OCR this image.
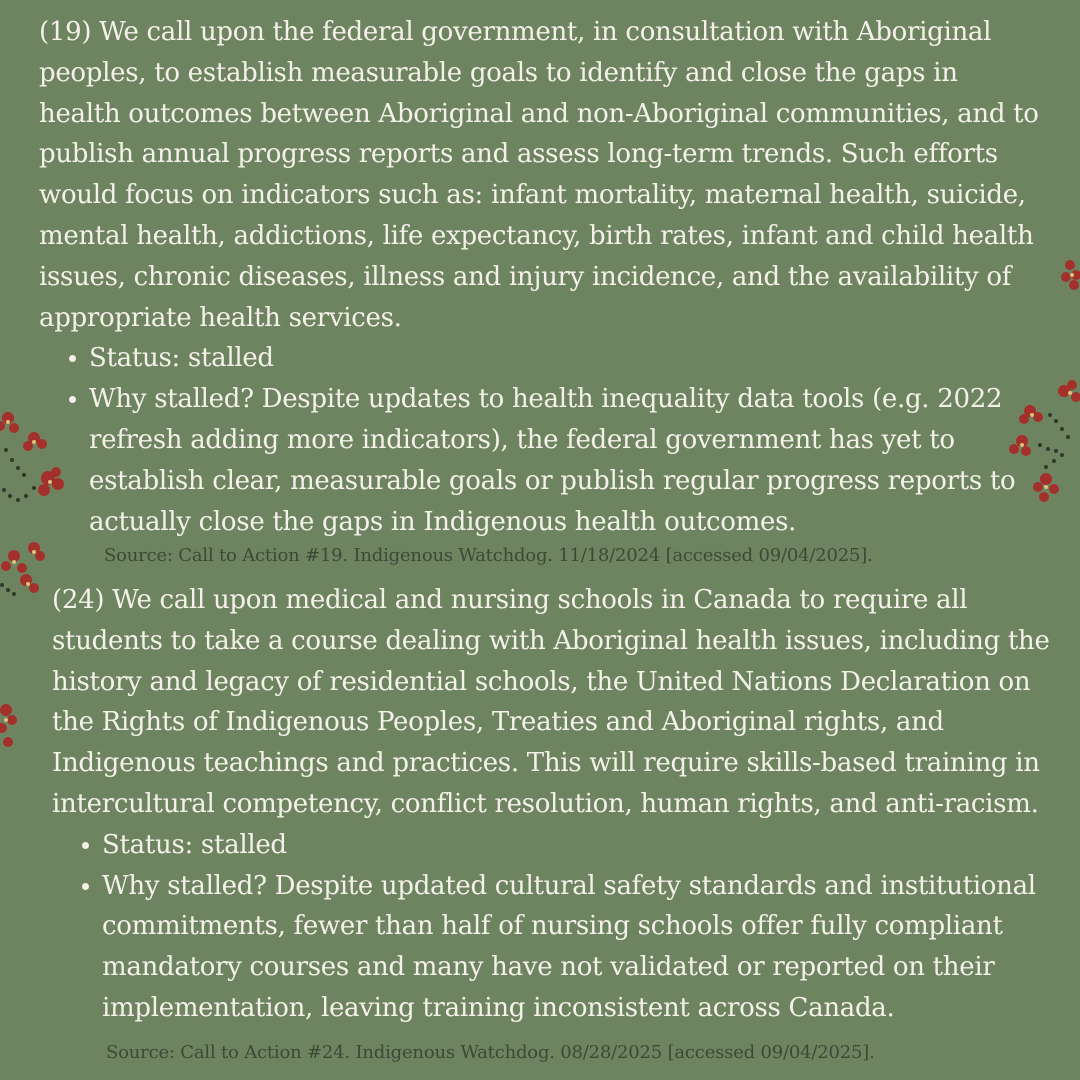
(19) We call upon the federal government, in consultation with Aboriginal peoples, to establish measurable goals to identify and close the gaps in health outcomes between Aboriginal and non-Aboriginal communities, and to publish annual progress reports and assess long-term trends. Such efforts would focus on indicators such as: infant mortality, maternal health, suicide, mental health, addictions, life expectancy, birth rates, infant and child health issues, chronic diseases, illness and injury incidence, and the availability of appropriate health services.

Status: stalled
Why stalled? Despite updates to health inequality data tools (e.g. 2022 refresh adding more indicators), the federal government has yet to establish clear, measurable goals or publish regular progress reports to actually close the gaps in Indigenous health outcomes.
Source: Call to Action #19. Indigenous Watchdog. 11/18/2024 [accessed 09/04/2025].

(24) We call upon medical and nursing schools in Canada to require all students to take a course dealing with Aboriginal health issues, including the history and legacy of residential schools, the United Nations Declaration on the Rights of Indigenous Peoples, Treaties and Aboriginal rights, and Indigenous teachings and practices. This will require skills-based training in intercultural competency, conflict resolution, human rights, and anti-racism.

Status: stalled
Why stalled? Despite updated cultural safety standards and institutional commitments, fewer than half of nursing schools offer fully compliant mandatory courses and many have not validated or reported on their implementation, leaving training inconsistent across Canada.
Source: Call to Action #24. Indigenous Watchdog. 08/28/2025 [accessed 09/04/2025].
